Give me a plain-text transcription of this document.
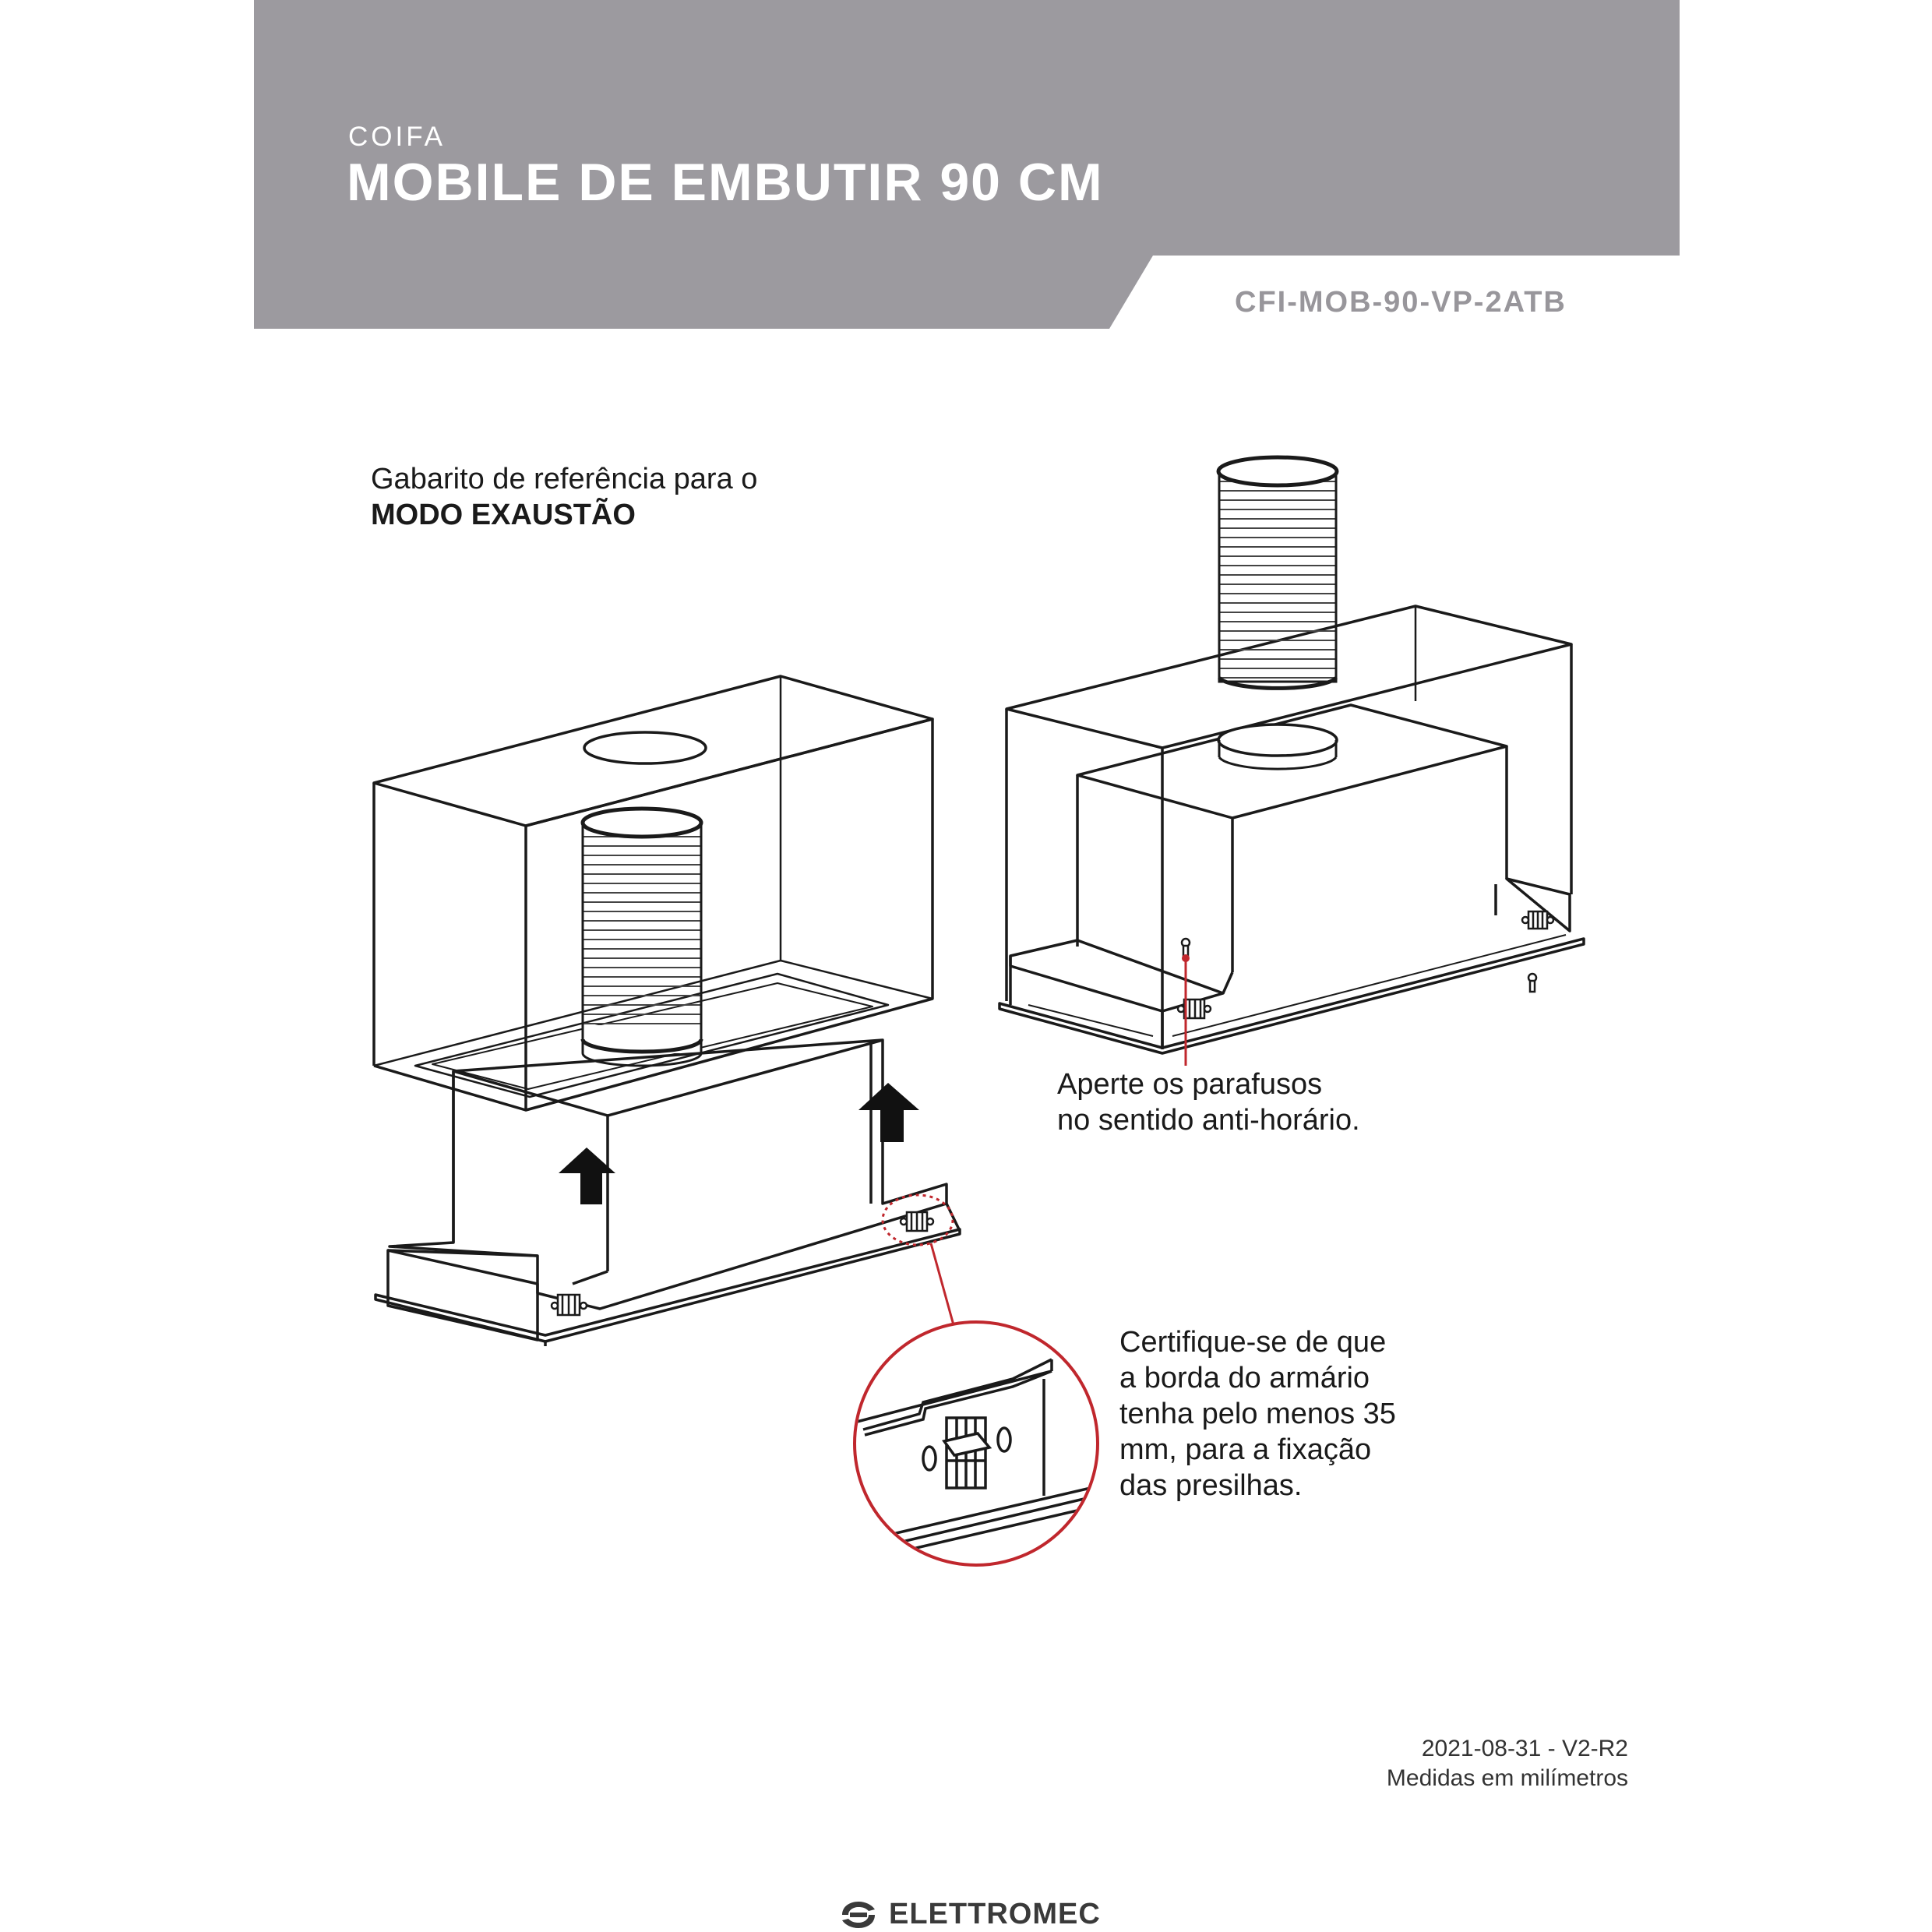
COIFA
MOBILE DE EMBUTIR 90 CM
CFI-MOB-90-VP-2ATB
Gabarito de referência para o
MODO EXAUSTÃO
Aperte os parafusos
no sentido anti-horário.
Certifique-se de que
a borda do armário
tenha pelo menos 35
mm, para a fixação
das presilhas.
2021-08-31 - V2-R2
Medidas em milímetros
ELETTROMEC
